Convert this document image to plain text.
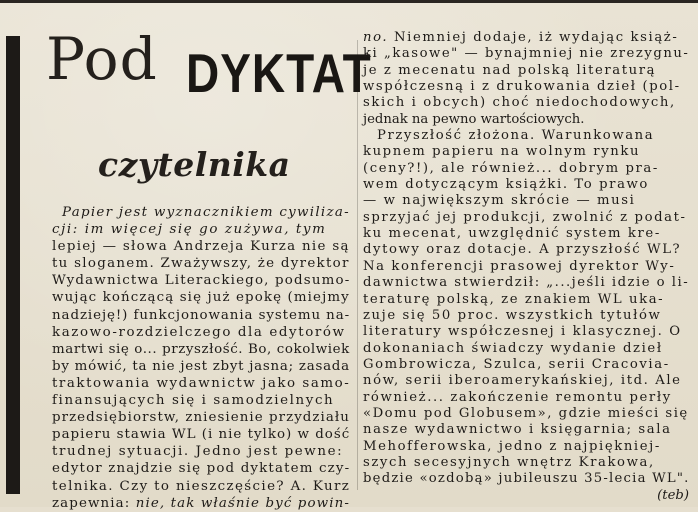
Pod DYKTAT
czytelnika
Papier jest wyznacznikiem cywiliza-
cji: im więcej się go zużywa, tym
lepiej — słowa Andrzeja Kurza nie są
tu sloganem. Zważywszy, że dyrektor
Wydawnictwa Literackiego, podsumo-
wując kończącą się już epokę (miejmy
nadzieję!) funkcjonowania systemu na-
kazowo-rozdzielczego dla edytorów
martwi się o... przyszłość. Bo, cokolwiek
by mówić, ta nie jest zbyt jasna; zasada
traktowania wydawnictw jako samo-
finansujących się i samodzielnych
przedsiębiorstw, zniesienie przydziału
papieru stawia WL (i nie tylko) w dość
trudnej sytuacji. Jedno jest pewne:
edytor znajdzie się pod dyktatem czy-
telnika. Czy to nieszczęście? A. Kurz
zapewnia: nie, tak właśnie być powin-
no. Niemniej dodaje, iż wydając książ-
ki „kasowe" — bynajmniej nie zrezygnu-
je z mecenatu nad polską literaturą
współczesną i z drukowania dzieł (pol-
skich i obcych) choć niedochodowych,
jednak na pewno wartościowych.
Przyszłość złożona. Warunkowana
kupnem papieru na wolnym rynku
(ceny?!), ale również... dobrym pra-
wem dotyczącym książki. To prawo
— w największym skrócie — musi
sprzyjać jej produkcji, zwolnić z podat-
ku mecenat, uwzględnić system kre-
dytowy oraz dotacje. A przyszłość WL?
Na konferencji prasowej dyrektor Wy-
dawnictwa stwierdził: „...jeśli idzie o li-
teraturę polską, ze znakiem WL uka-
zuje się 50 proc. wszystkich tytułów
literatury współczesnej i klasycznej. O
dokonaniach świadczy wydanie dzieł
Gombrowicza, Szulca, serii Cracovia-
nów, serii iberoamerykańskiej, itd. Ale
również... zakończenie remontu perły
«Domu pod Globusem», gdzie mieści się
nasze wydawnictwo i księgarnia; sala
Mehofferowska, jedno z najpiękniej-
szych secesyjnych wnętrz Krakowa,
będzie «ozdobą» jubileuszu 35-lecia WL".
(teb)
